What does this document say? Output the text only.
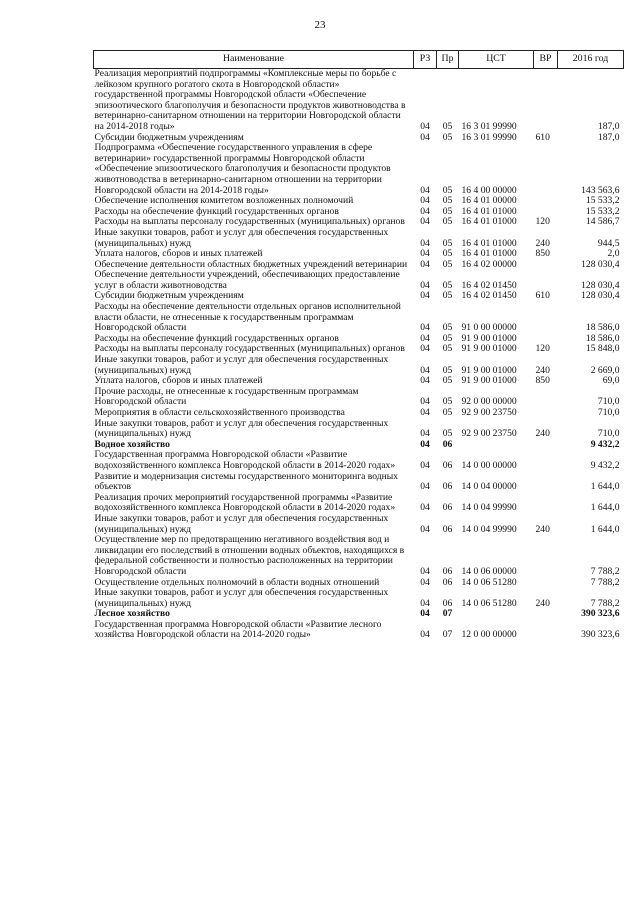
23
Наименование	РЗ	Пр	ЦСТ	ВР	2016 год
Реализация мероприятий подпрограммы «Комплексные меры по борьбе с лейкозом крупного рогатого скота в Новгородской области» государственной программы Новгородской области «Обеспечение эпизоотического благополучия и безопасности продуктов животноводства в ветеринарно-санитарном отношении на территории Новгородской области на 2014-2018 годы»	04	05	16 3 01 99990		187,0
Субсидии бюджетным учреждениям	04	05	16 3 01 99990	610	187,0
Подпрограмма «Обеспечение государственного управления в сфере ветеринарии» государственной программы Новгородской области «Обеспечение эпизоотического благополучия и безопасности продуктов животноводства в ветеринарно-санитарном отношении на территории Новгородской области на 2014-2018 годы»	04	05	16 4 00 00000		143 563,6
Обеспечение исполнения комитетом возложенных полномочий	04	05	16 4 01 00000		15 533,2
Расходы на обеспечение функций государственных органов	04	05	16 4 01 01000		15 533,2
Расходы на выплаты персоналу государственных (муниципальных) органов	04	05	16 4 01 01000	120	14 586,7
Иные закупки товаров, работ и услуг для обеспечения государственных (муниципальных) нужд	04	05	16 4 01 01000	240	944,5
Уплата налогов, сборов и иных платежей	04	05	16 4 01 01000	850	2,0
Обеспечение деятельности областных бюджетных учреждений ветеринарии	04	05	16 4 02 00000		128 030,4
Обеспечение деятельности учреждений, обеспечивающих предоставление услуг в области животноводства	04	05	16 4 02 01450		128 030,4
Субсидии бюджетным учреждениям	04	05	16 4 02 01450	610	128 030,4
Расходы на обеспечение деятельности отдельных органов исполнительной власти области, не отнесенные к государственным программам Новгородской области	04	05	91 0 00 00000		18 586,0
Расходы на обеспечение функций государственных органов	04	05	91 9 00 01000		18 586,0
Расходы на выплаты персоналу государственных (муниципальных) органов	04	05	91 9 00 01000	120	15 848,0
Иные закупки товаров, работ и услуг для обеспечения государственных (муниципальных) нужд	04	05	91 9 00 01000	240	2 669,0
Уплата налогов, сборов и иных платежей	04	05	91 9 00 01000	850	69,0
Прочие расходы, не отнесенные к государственным программам Новгородской области	04	05	92 0 00 00000		710,0
Мероприятия в области сельскохозяйственного производства	04	05	92 9 00 23750		710,0
Иные закупки товаров, работ и услуг для обеспечения государственных (муниципальных) нужд	04	05	92 9 00 23750	240	710,0
Водное хозяйство	04	06			9 432,2
Государственная программа Новгородской области «Развитие водохозяйственного комплекса Новгородской области в 2014-2020 годах»	04	06	14 0 00 00000		9 432,2
Развитие и модернизация системы государственного мониторинга водных объектов	04	06	14 0 04 00000		1 644,0
Реализация прочих мероприятий государственной программы «Развитие водохозяйственного комплекса Новгородской области в 2014-2020 годах»	04	06	14 0 04 99990		1 644,0
Иные закупки товаров, работ и услуг для обеспечения государственных (муниципальных) нужд	04	06	14 0 04 99990	240	1 644,0
Осуществление мер по предотвращению негативного воздействия вод и ликвидации его последствий в отношении водных объектов, находящихся в федеральной собственности и полностью расположенных на территории Новгородской области	04	06	14 0 06 00000		7 788,2
Осуществление отдельных полномочий в области водных отношений	04	06	14 0 06 51280		7 788,2
Иные закупки товаров, работ и услуг для обеспечения государственных (муниципальных) нужд	04	06	14 0 06 51280	240	7 788,2
Лесное хозяйство	04	07			390 323,6
Государственная программа Новгородской области «Развитие лесного хозяйства Новгородской области на 2014-2020 годы»	04	07	12 0 00 00000		390 323,6
